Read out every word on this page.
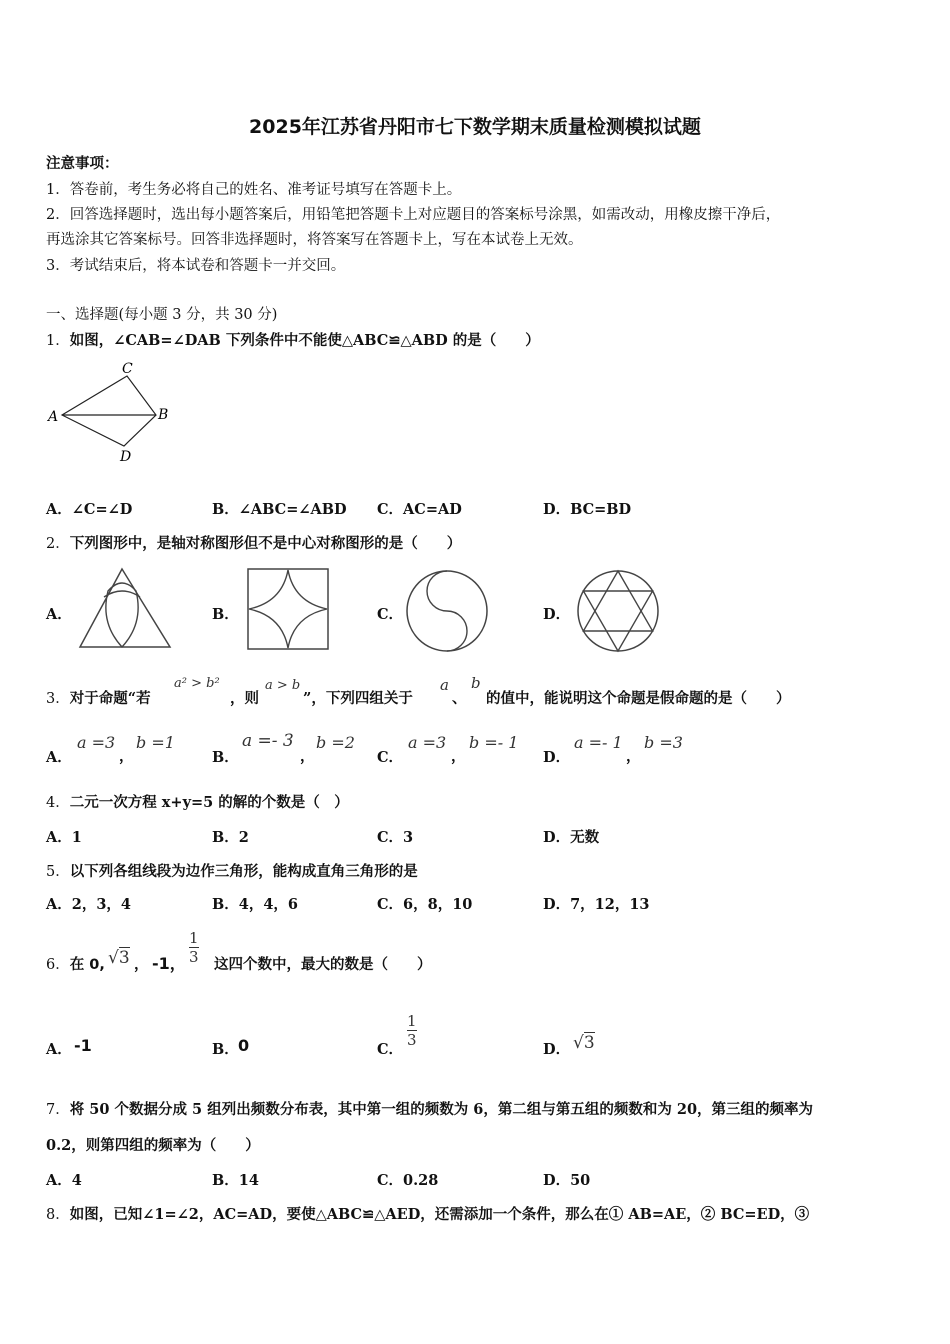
2025年江苏省丹阳市七下数学期末质量检测模拟试题
注意事项：
1．答卷前，考生务必将自己的姓名、准考证号填写在答题卡上。
2．回答选择题时，选出每小题答案后，用铅笔把答题卡上对应题目的答案标号涂黑，如需改动，用橡皮擦干净后，
再选涂其它答案标号。回答非选择题时，将答案写在答题卡上，写在本试卷上无效。
3．考试结束后，将本试卷和答题卡一并交回。
一、选择题(每小题 3 分，共 30 分)
1．如图，∠CAB=∠DAB 下列条件中不能使△ABC≌△ABD 的是（　　）
A	B
C
D
A．∠C=∠D	B．∠ABC=∠ABD C．AC=AD	D．BC=BD
2．下列图形中，是轴对称图形但不是中心对称图形的是（　　）
A．	B．	C．	D．
3．对于命题“若
a² > b²
，则
a > b
”，下列四组关于
a
、
b
的值中，能说明这个命题是假命题的是（　　）
A．
a =3
，
b =1
B．
a =- 3
，
b =2
C．
a =3
，
b =- 1
D．
a =- 1
，
b =3
4．二元一次方程 x+y=5 的解的个数是（　）
A．1	B．2	C．3	D．无数
5．以下列各组线段为边作三角形，能构成直角三角形的是
A．2，3，4	B．4，4，6	C．6，8，10	D．7，12，13
6．在 0, √3 ， -1， $\frac{1}{3}$ 这四个数中，最大的数是（　　）
A． -1	B． 0	C．
$\frac{1}{3}$
D． √3
7．将 50 个数据分成 5 组列出频数分布表，其中第一组的频数为 6，第二组与第五组的频数和为 20，第三组的频率为
0.2，则第四组的频率为（　　）
A．4	B．14	C．0.28	D．50
8．如图，已知∠1=∠2，AC=AD，要使△ABC≌△AED，还需添加一个条件，那么在① AB=AE，② BC=ED，③
